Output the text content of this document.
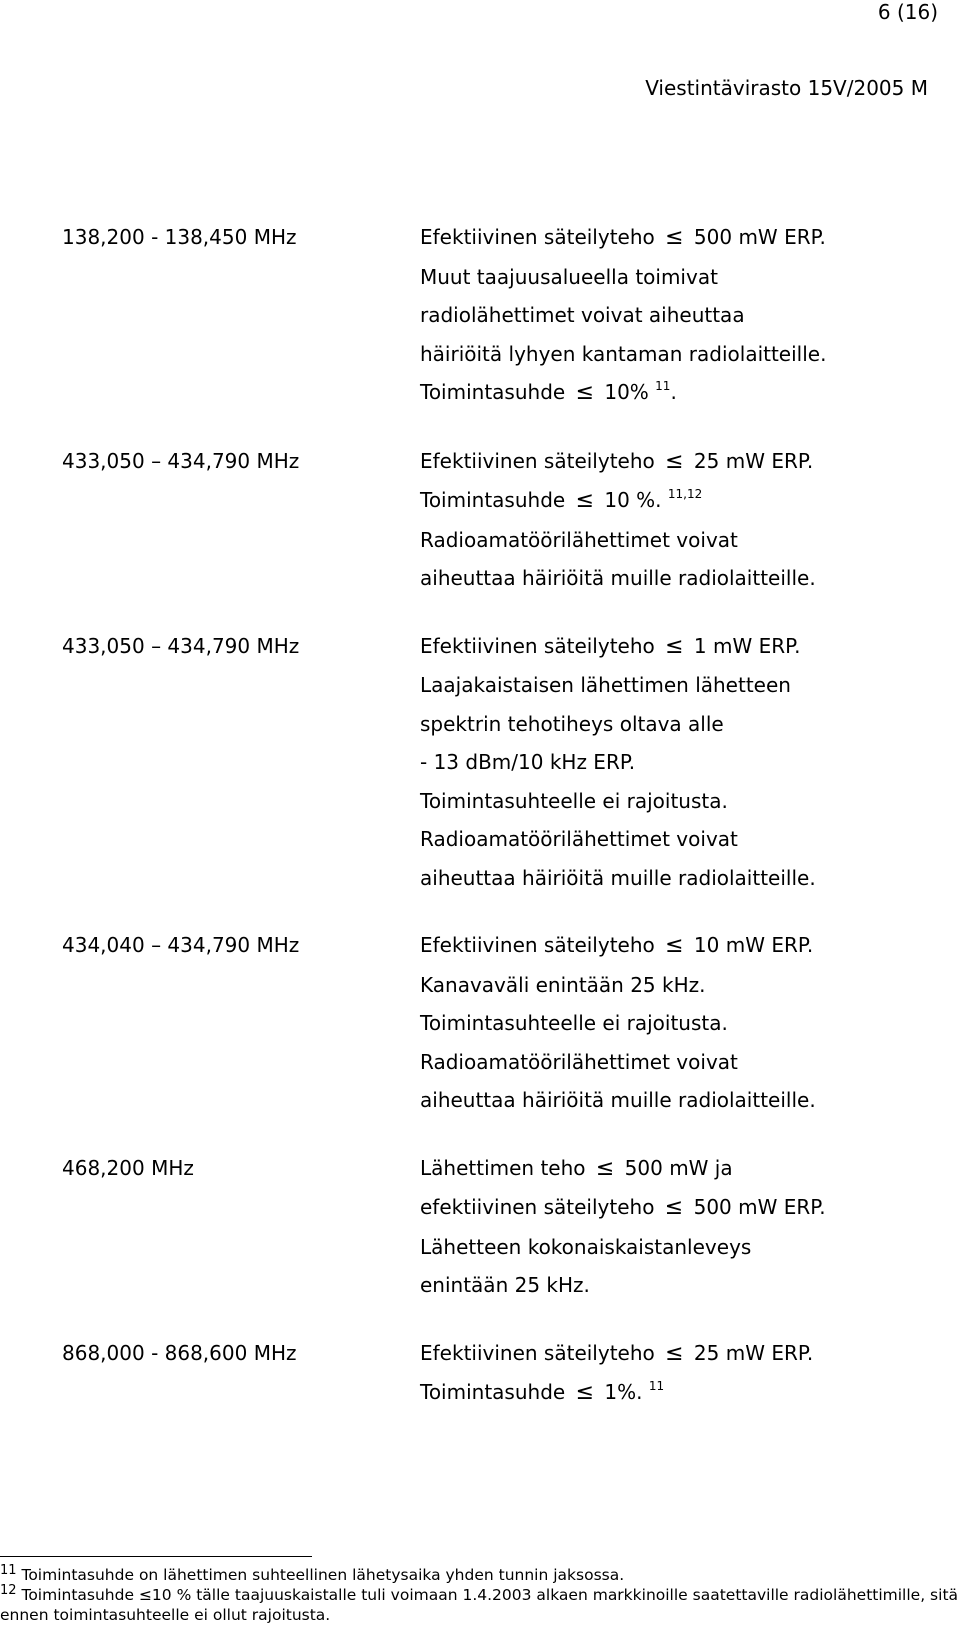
6 (16)
Viestintävirasto 15V/2005 M
138,200 - 138,450 MHz	Efektiivinen säteilyteho ≤ 500 mW ERP.
Muut taajuusalueella toimivat
radiolähettimet voivat aiheuttaa
häiriöitä lyhyen kantaman radiolaitteille.
Toimintasuhde ≤ 10% $^{11}$.
433,050 – 434,790 MHz	Efektiivinen säteilyteho ≤ 25 mW ERP.
Toimintasuhde ≤ 10 %. $^{11,12}$
Radioamatöörilähettimet voivat
aiheuttaa häiriöitä muille radiolaitteille.
433,050 – 434,790 MHz	Efektiivinen säteilyteho ≤ 1 mW ERP.
Laajakaistaisen lähettimen lähetteen
spektrin tehotiheys oltava alle
- 13 dBm/10 kHz ERP.
Toimintasuhteelle ei rajoitusta.
Radioamatöörilähettimet voivat
aiheuttaa häiriöitä muille radiolaitteille.
434,040 – 434,790 MHz	Efektiivinen säteilyteho ≤ 10 mW ERP.
Kanavaväli enintään 25 kHz.
Toimintasuhteelle ei rajoitusta.
Radioamatöörilähettimet voivat
aiheuttaa häiriöitä muille radiolaitteille.
468,200 MHz	Lähettimen teho ≤ 500 mW ja
efektiivinen säteilyteho ≤ 500 mW ERP.
Lähetteen kokonaiskaistanleveys
enintään 25 kHz.
868,000 - 868,600 MHz	Efektiivinen säteilyteho ≤ 25 mW ERP.
Toimintasuhde ≤ 1%. $^{11}$
$^{11}$ Toimintasuhde on lähettimen suhteellinen lähetysaika yhden tunnin jaksossa.
$^{12}$ Toimintasuhde ≤10 % tälle taajuuskaistalle tuli voimaan 1.4.2003 alkaen markkinoille saatettaville radiolähettimille, sitä ennen toimintasuhteelle ei ollut rajoitusta.
